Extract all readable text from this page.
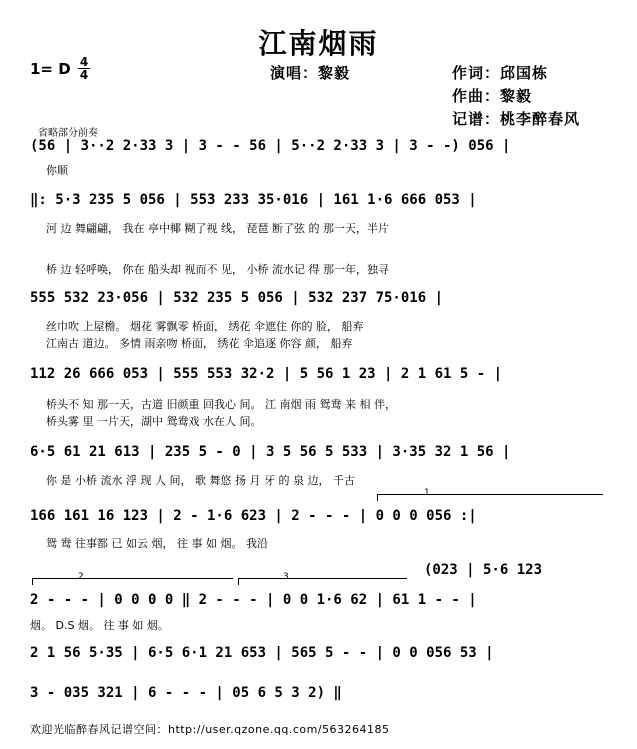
江南烟雨
1= D 4
4	演唱：黎毅	作词：邱国栋
作曲：黎毅
记谱：桃李醉春风
省略部分前奏
(56 | 3··2 2·33 3 | 3 - - 56 | 5··2 2·33 3 | 3 - -) 056 |
你顺
‖: 5·3 235 5 056 | 553 233 35·016 | 161 1·6 666 053 |
河 边 舞翩翩， 我在 亭中椰 糊了视 线， 琵琶 断了弦 的 那一天，半片
桥 边 轻呼唤， 你在 船头却 视而不 见， 小桥 流水记 得 那一年，独寻
555 532 23·056 | 532 235 5 056 | 532 237 75·016 |
丝巾吹 上屋檐。 烟花 雾飘零 桥面， 绣花 伞遮住 你的 脸， 船弃
江南古 道边。 多情 雨亲吻 桥面， 绣花 伞追逐 你容 颜， 船弃
112 26 666 053 | 555 553 32·2 | 5 56 1 23 | 2 1 61 5 - |
桥头不 知 那一天，古道 旧颜重 回我心 间。 江 南烟 雨 鸳鸯 来 相 伴，
桥头雾 里 一片天，湖中 鸳鸯戏 水在人 间。
6·5 61 21 613 | 235 5 - 0 | 3 5 56 5 533 | 3·35 32 1 56 |
你 是 小桥 流水 浮 现 人 间， 歌 舞悠 扬 月 牙 的 泉 边， 千古
1
166 161 16 123 | 2 - 1·6 623 | 2 - - - | 0 0 0 056 :|
鸳 鸯 往事都 已 如云 烟， 往 事 如 烟。 我沿
2	3	(023 | 5·6 123
2 - - - | 0 0 0 0 ‖ 2 - - - | 0 0 1·6 62 | 61 1 - - |
烟。 D.S 烟。 往 事 如 烟。
2 1 56 5·35 | 6·5 6·1 21 653 | 565 5 - - | 0 0 056 53 |
3 - 035 321 | 6 - - - | 05 6 5 3 2) ‖
欢迎光临醉春风记谱空间：http://user.qzone.qq.com/563264185
